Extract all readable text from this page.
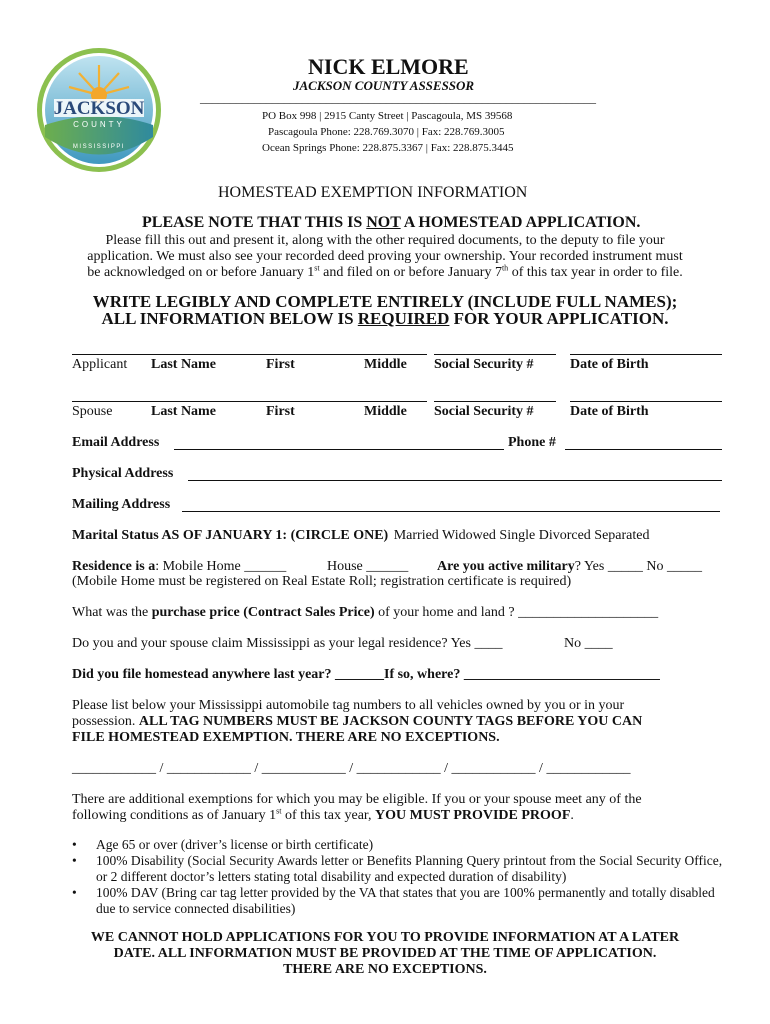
JACKSON
COUNTY
MISSISSIPPI
NICK ELMORE
JACKSON COUNTY ASSESSOR
__________________________________________________________________
PO Box 998 | 2915 Canty Street | Pascagoula, MS 39568
Pascagoula Phone: 228.769.3070 | Fax: 228.769.3005
Ocean Springs Phone: 228.875.3367 | Fax: 228.875.3445
HOMESTEAD EXEMPTION INFORMATION
PLEASE NOTE THAT THIS IS NOT A HOMESTEAD APPLICATION.
Please fill this out and present it, along with the other required documents, to the deputy to file your
application. We must also see your recorded deed proving your ownership. Your recorded instrument must
be acknowledged on or before January 1st and filed on or before January 7th of this tax year in order to file.
WRITE LEGIBLY AND COMPLETE ENTIRELY (INCLUDE FULL NAMES);
ALL INFORMATION BELOW IS REQUIRED FOR YOUR APPLICATION.
Applicant Last Name	First	Middle Social Security #	Date of Birth
Spouse	Last Name	First	Middle Social Security #	Date of Birth
Email Address	Phone #
Physical Address
Mailing Address
Marital Status AS OF JANUARY 1: (CIRCLE ONE) Married Widowed Single Divorced Separated
Residence is a: Mobile Home ______	House ______ Are you active military? Yes _____ No _____
(Mobile Home must be registered on Real Estate Roll; registration certificate is required)
What was the purchase price (Contract Sales Price) of your home and land ? ____________________
Do you and your spouse claim Mississippi as your legal residence? Yes ____	No ____
Did you file homestead anywhere last year? _______If so, where? ____________________________
Please list below your Mississippi automobile tag numbers to all vehicles owned by you or in your
possession. ALL TAG NUMBERS MUST BE JACKSON COUNTY TAGS BEFORE YOU CAN
FILE HOMESTEAD EXEMPTION. THERE ARE NO EXCEPTIONS.
____________ / ____________ / ____________ / ____________ / ____________ / ____________
There are additional exemptions for which you may be eligible. If you or your spouse meet any of the
following conditions as of January 1st of this tax year, YOU MUST PROVIDE PROOF.
• Age 65 or over (driver’s license or birth certificate)
• 100% Disability (Social Security Awards letter or Benefits Planning Query printout from the Social Security Office, or 2 different doctor’s letters stating total disability and expected duration of disability)
• 100% DAV (Bring car tag letter provided by the VA that states that you are 100% permanently and totally disabled due to service connected disabilities)
WE CANNOT HOLD APPLICATIONS FOR YOU TO PROVIDE INFORMATION AT A LATER
DATE. ALL INFORMATION MUST BE PROVIDED AT THE TIME OF APPLICATION.
THERE ARE NO EXCEPTIONS.
